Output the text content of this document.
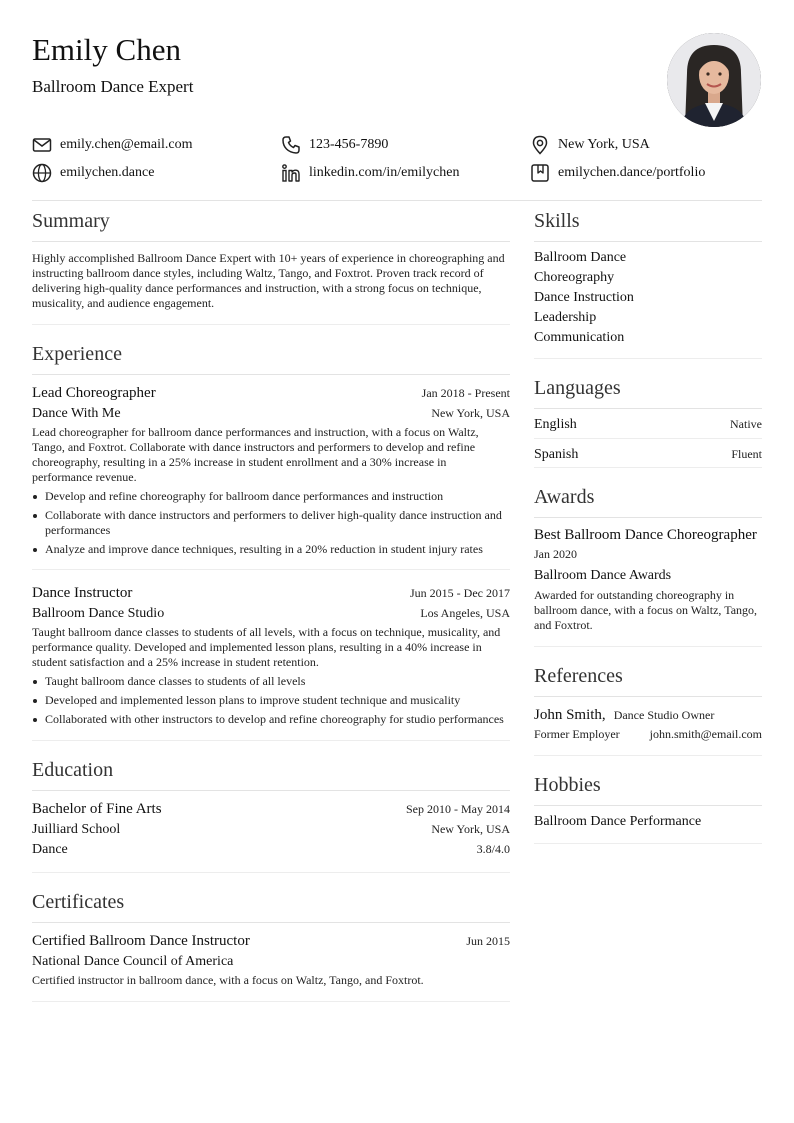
Emily Chen
Ballroom Dance Expert
emily.chen@email.com	123-456-7890	New York, USA
emilychen.dance	linkedin.com/in/emilychen	emilychen.dance/portfolio
Summary
Highly accomplished Ballroom Dance Expert with 10+ years of experience in choreographing and instructing ballroom dance styles, including Waltz, Tango, and Foxtrot. Proven track record of delivering high-quality dance performances and instruction, with a strong focus on technique, musicality, and audience engagement.
Experience
Lead Choreographer	Jan 2018 - Present
Dance With Me	New York, USA
Lead choreographer for ballroom dance performances and instruction, with a focus on Waltz, Tango, and Foxtrot. Collaborate with dance instructors and performers to develop and refine choreography, resulting in a 25% increase in student enrollment and a 30% increase in performance revenue.
Develop and refine choreography for ballroom dance performances and instruction
Collaborate with dance instructors and performers to deliver high-quality dance instruction and performances
Analyze and improve dance techniques, resulting in a 20% reduction in student injury rates
Dance Instructor	Jun 2015 - Dec 2017
Ballroom Dance Studio	Los Angeles, USA
Taught ballroom dance classes to students of all levels, with a focus on technique, musicality, and performance quality. Developed and implemented lesson plans, resulting in a 40% increase in student satisfaction and a 25% increase in student retention.
Taught ballroom dance classes to students of all levels
Developed and implemented lesson plans to improve student technique and musicality
Collaborated with other instructors to develop and refine choreography for studio performances
Education
Bachelor of Fine Arts	Sep 2010 - May 2014
Juilliard School	New York, USA
Dance	3.8/4.0
Certificates
Certified Ballroom Dance Instructor	Jun 2015
National Dance Council of America
Certified instructor in ballroom dance, with a focus on Waltz, Tango, and Foxtrot.
Skills
Ballroom Dance
Choreography
Dance Instruction
Leadership
Communication
Languages
English	Native
Spanish	Fluent
Awards
Best Ballroom Dance Choreographer
Jan 2020
Ballroom Dance Awards
Awarded for outstanding choreography in ballroom dance, with a focus on Waltz, Tango, and Foxtrot.
References
John Smith, Dance Studio Owner
Former Employer john.smith@email.com
Hobbies
Ballroom Dance Performance
